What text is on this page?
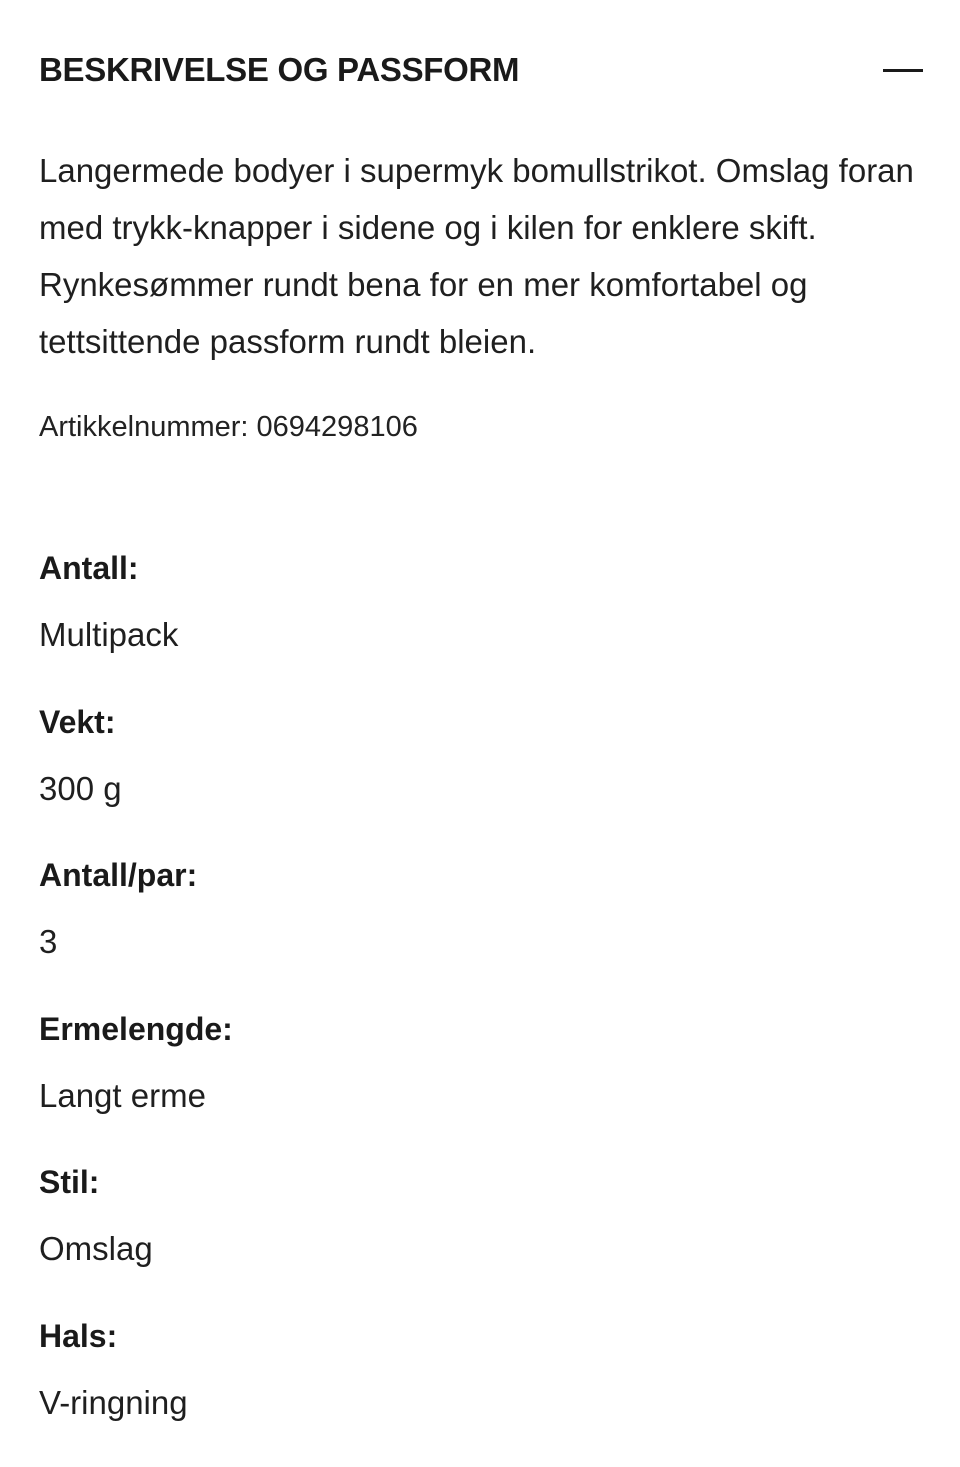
BESKRIVELSE OG PASSFORM

Langermede bodyer i supermyk bomullstrikot. Omslag foran med trykk-knapper i sidene og i kilen for enklere skift. Rynkesømmer rundt bena for en mer komfortabel og tettsittende passform rundt bleien.

Artikkelnummer: 0694298106
Antall:
Multipack
Vekt:
300 g
Antall/par:
3
Ermelengde:
Langt erme
Stil:
Omslag
Hals:
V-ringning
